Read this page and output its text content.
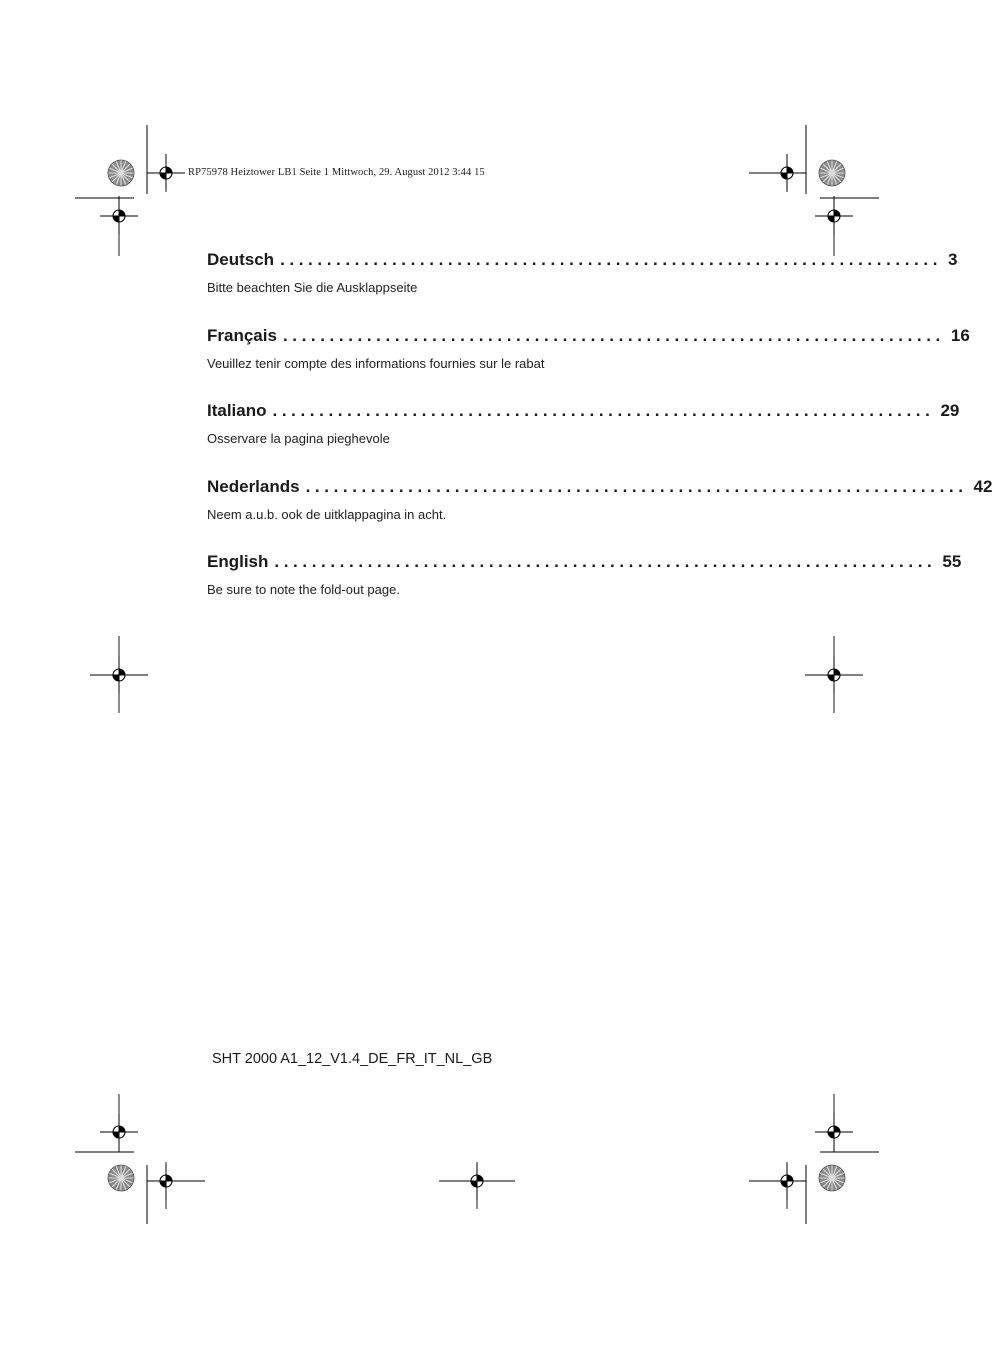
RP75978 Heiztower LB1 Seite 1 Mittwoch, 29. August 2012 3:44 15
Deutsch ....................................................................... 3
Bitte beachten Sie die Ausklappseite
Français ....................................................................... 16
Veuillez tenir compte des informations fournies sur le rabat
Italiano ....................................................................... 29
Osservare la pagina pieghevole
Nederlands ....................................................................... 42
Neem a.u.b. ook de uitklappagina in acht.
English ....................................................................... 55
Be sure to note the fold-out page.
SHT 2000 A1_12_V1.4_DE_FR_IT_NL_GB
